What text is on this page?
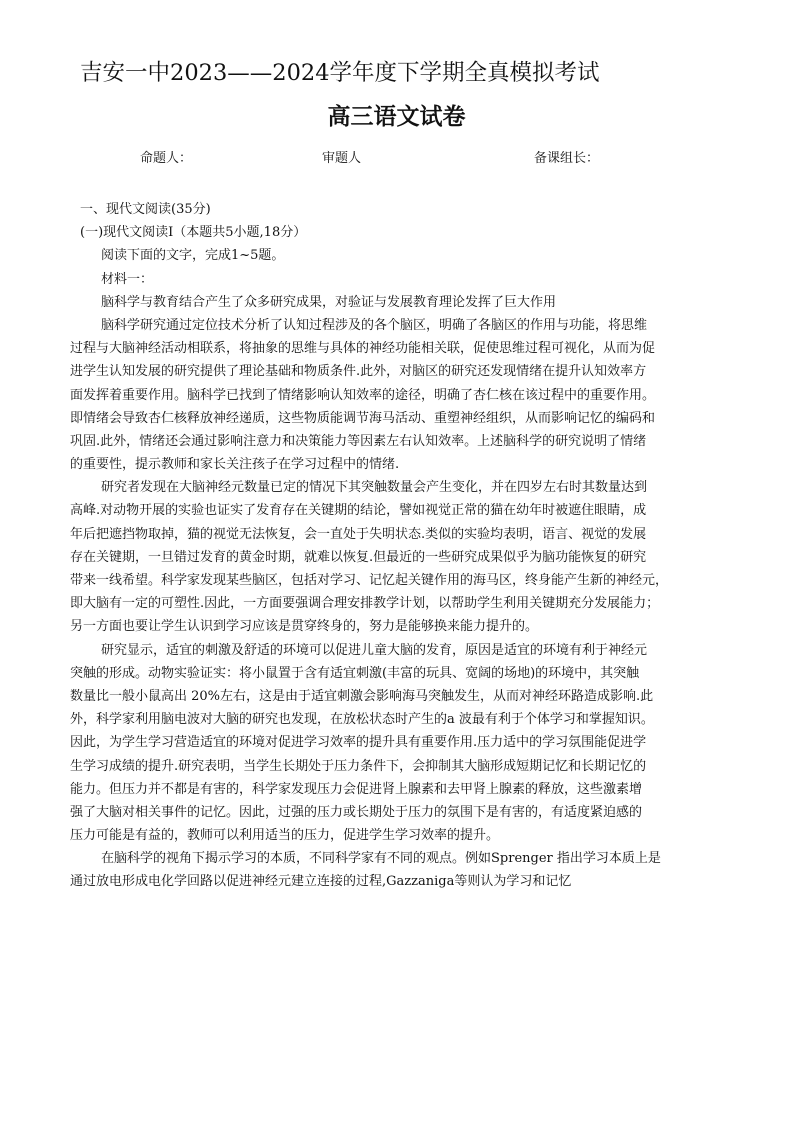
吉安一中2023——2024学年度下学期全真模拟考试
高三语文试卷
命题人：	审题人	备课组长：
一、现代文阅读(35分)
(一)现代文阅读Ⅰ（本题共5小题,18分）
阅读下面的文字，完成1~5题。
材料一：
脑科学与教育结合产生了众多研究成果，对验证与发展教育理论发挥了巨大作用
脑科学研究通过定位技术分析了认知过程涉及的各个脑区，明确了各脑区的作用与功能，将思维
过程与大脑神经活动相联系，将抽象的思维与具体的神经功能相关联，促使思维过程可视化，从而为促
进学生认知发展的研究提供了理论基础和物质条件.此外，对脑区的研究还发现情绪在提升认知效率方
面发挥着重要作用。脑科学已找到了情绪影响认知效率的途径，明确了杏仁核在该过程中的重要作用。
即情绪会导致杏仁核释放神经递质，这些物质能调节海马活动、重塑神经组织，从而影响记忆的编码和
巩固.此外，情绪还会通过影响注意力和决策能力等因素左右认知效率。上述脑科学的研究说明了情绪
的重要性，提示教师和家长关注孩子在学习过程中的情绪.
研究者发现在大脑神经元数量已定的情况下其突触数量会产生变化，并在四岁左右时其数量达到
高峰.对动物开展的实验也证实了发育存在关键期的结论，譬如视觉正常的猫在幼年时被遮住眼睛，成
年后把遮挡物取掉，猫的视觉无法恢复，会一直处于失明状态.类似的实验均表明，语言、视觉的发展
存在关键期，一旦错过发育的黄金时期，就难以恢复.但最近的一些研究成果似乎为脑功能恢复的研究
带来一线希望。科学家发现某些脑区，包括对学习、记忆起关键作用的海马区，终身能产生新的神经元，
即大脑有一定的可塑性.因此，一方面要强调合理安排教学计划，以帮助学生利用关键期充分发展能力；
另一方面也要让学生认识到学习应该是贯穿终身的，努力是能够换来能力提升的。
研究显示，适宜的刺激及舒适的环境可以促进儿童大脑的发育，原因是适宜的环境有利于神经元
突触的形成。动物实验证实：将小鼠置于含有适宜刺激(丰富的玩具、宽阔的场地)的环境中，其突触
数量比一般小鼠高出 20%左右，这是由于适宜刺激会影响海马突触发生，从而对神经环路造成影响.此
外，科学家利用脑电波对大脑的研究也发现，在放松状态时产生的a 波最有利于个体学习和掌握知识。
因此，为学生学习营造适宜的环境对促进学习效率的提升具有重要作用.压力适中的学习氛围能促进学
生学习成绩的提升.研究表明，当学生长期处于压力条件下，会抑制其大脑形成短期记忆和长期记忆的
能力。但压力并不都是有害的，科学家发现压力会促进肾上腺素和去甲肾上腺素的释放，这些激素增
强了大脑对相关事件的记忆。因此，过强的压力或长期处于压力的氛围下是有害的，有适度紧迫感的
压力可能是有益的，教师可以利用适当的压力，促进学生学习效率的提升。
在脑科学的视角下揭示学习的本质，不同科学家有不同的观点。例如Sprenger 指出学习本质上是
通过放电形成电化学回路以促进神经元建立连接的过程,Gazzaniga等则认为学习和记忆
